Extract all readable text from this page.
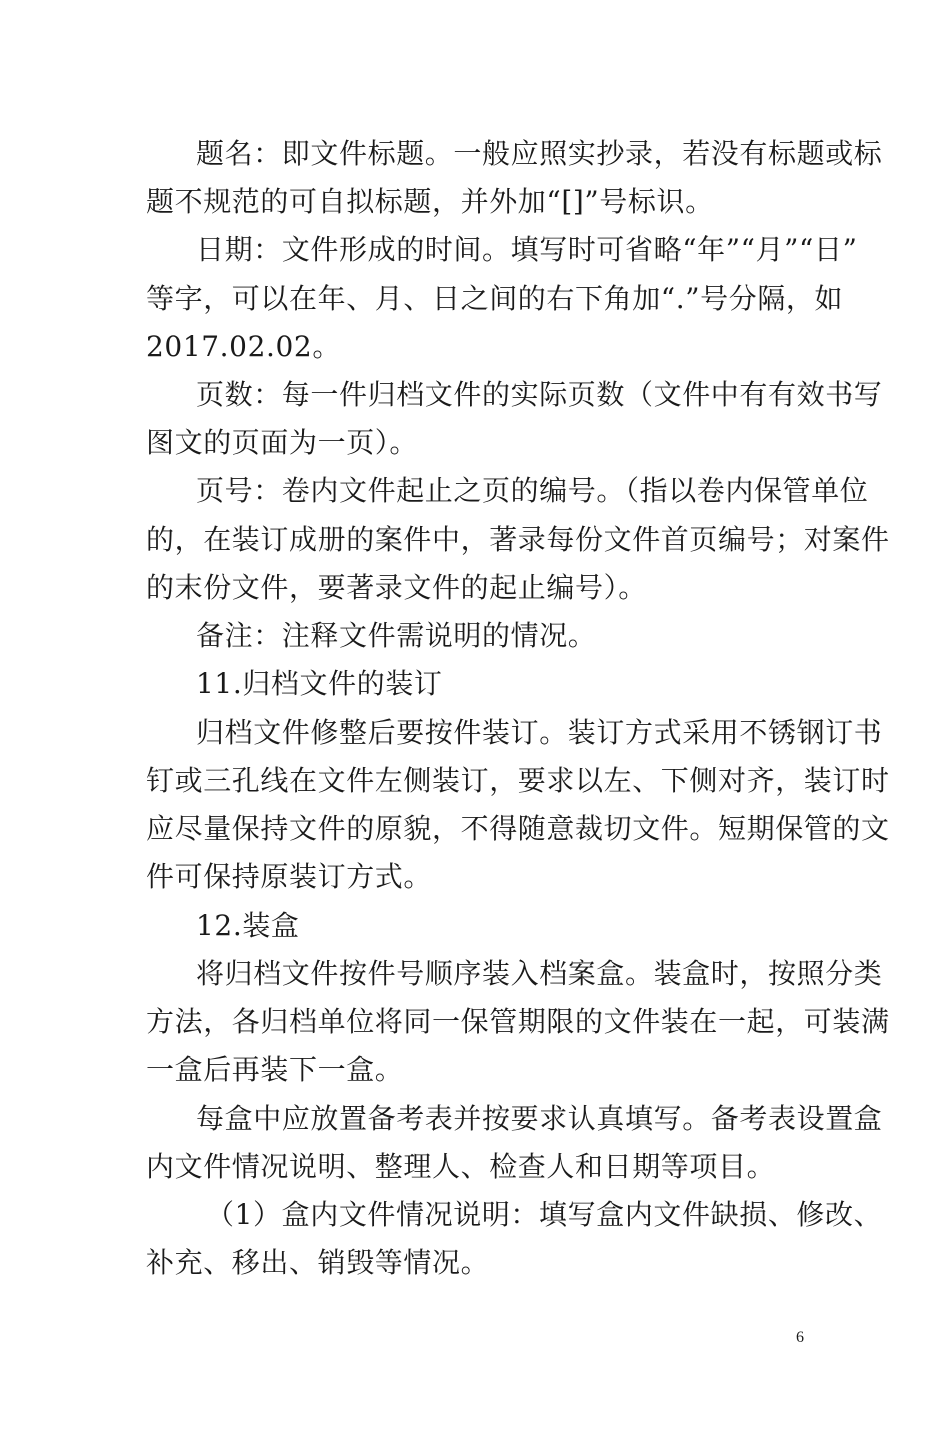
题名：即文件标题。一般应照实抄录，若没有标题或标
题不规范的可自拟标题，并外加“[]”号标识。
日期：文件形成的时间。填写时可省略“年”“月”“日”
等字，可以在年、月、日之间的右下角加“.”号分隔，如
2017.02.02。
页数：每一件归档文件的实际页数（文件中有有效书写
图文的页面为一页）。
页号：卷内文件起止之页的编号。（指以卷内保管单位
的，在装订成册的案件中，著录每份文件首页编号；对案件
的末份文件，要著录文件的起止编号）。
备注：注释文件需说明的情况。
11.归档文件的装订
归档文件修整后要按件装订。装订方式采用不锈钢订书
钉或三孔线在文件左侧装订，要求以左、下侧对齐，装订时
应尽量保持文件的原貌，不得随意裁切文件。短期保管的文
件可保持原装订方式。
12.装盒
将归档文件按件号顺序装入档案盒。装盒时，按照分类
方法，各归档单位将同一保管期限的文件装在一起，可装满
一盒后再装下一盒。
每盒中应放置备考表并按要求认真填写。备考表设置盒
内文件情况说明、整理人、检查人和日期等项目。
（1）盒内文件情况说明：填写盒内文件缺损、修改、
补充、移出、销毁等情况。
6
